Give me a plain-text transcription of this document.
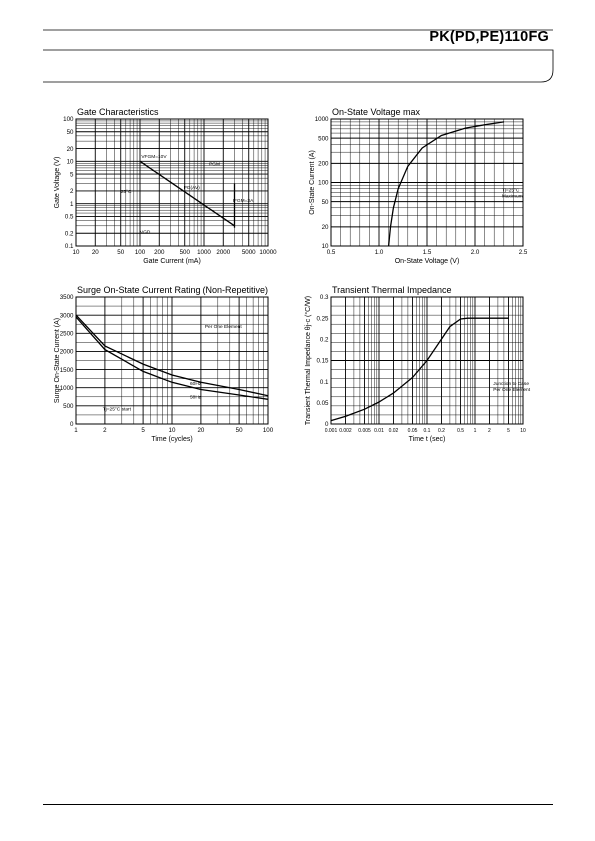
PK(PD,PE)110FG
10 20	50 100 200 500 1000 2000 5000 10000
0.1
0.2
0.5
1
2
5
10
20
50
100
Gate Characteristics
Gate Current (mA)
Gate Voltage (V)	VFGM=10V
PGM
IFGM=3A
PG(AV)
25°C
VGD
0.5	1.0	1.5	2.0	2.5
10
20
50
100
200
500
1000
On-State Voltage max
On-State Voltage (V)
On-State Current (A)	Tj=25°C
Maximum
1	2	5	10	20	50	100
0
500
1000
1500
2000
2500
3000
3500
Surge On-State Current Rating (Non-Repetitive)
Time (cycles)
Surge On-State Current (A)	60Hz
50Hz
Per One Element
Tj=25°C start
0.001 0.002 0.005 0.01 0.02 0.05 0.1 0.2 0.5 1 2	5 10
0
0.05
0.1
0.15
0.2
0.25
0.3
Transient Thermal Impedance
Time t (sec)
Transient Thermal Impedance θj-c (°C/W)	Junction to Case
Per One Element
